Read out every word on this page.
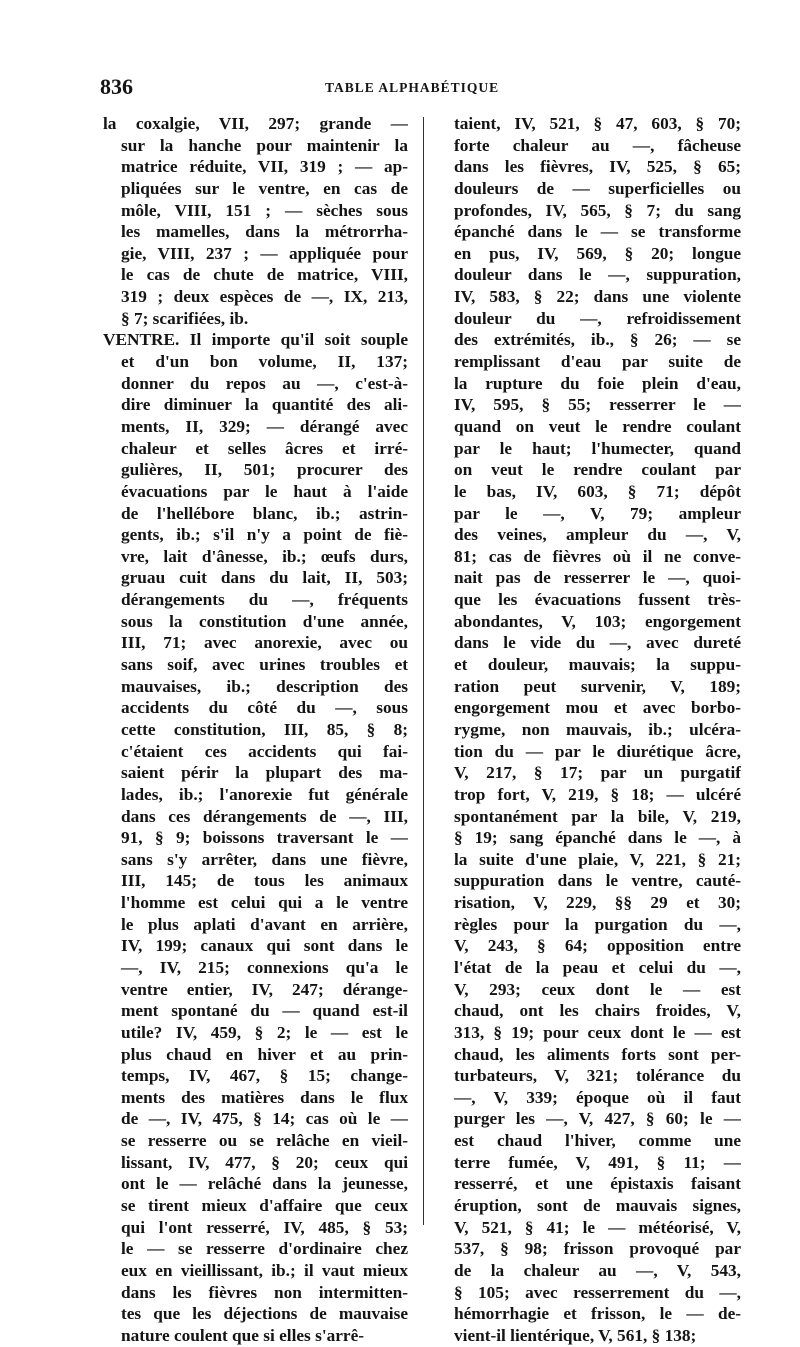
836	TABLE ALPHABÉTIQUE
la coxalgie, VII, 297; grande —
sur la hanche pour maintenir la
matrice réduite, VII, 319 ; — ap-
pliquées sur le ventre, en cas de
môle, VIII, 151 ; — sèches sous
les mamelles, dans la métrorrha-
gie, VIII, 237 ; — appliquée pour
le cas de chute de matrice, VIII,
319 ; deux espèces de —, IX, 213,
§ 7; scarifiées, ib.
VENTRE. Il importe qu'il soit souple
et d'un bon volume, II, 137;
donner du repos au —, c'est-à-
dire diminuer la quantité des ali-
ments, II, 329; — dérangé avec
chaleur et selles âcres et irré-
gulières, II, 501; procurer des
évacuations par le haut à l'aide
de l'hellébore blanc, ib.; astrin-
gents, ib.; s'il n'y a point de fiè-
vre, lait d'ânesse, ib.; œufs durs,
gruau cuit dans du lait, II, 503;
dérangements du —, fréquents
sous la constitution d'une année,
III, 71; avec anorexie, avec ou
sans soif, avec urines troubles et
mauvaises, ib.; description des
accidents du côté du —, sous
cette constitution, III, 85, § 8;
c'étaient ces accidents qui fai-
saient périr la plupart des ma-
lades, ib.; l'anorexie fut générale
dans ces dérangements de —, III,
91, § 9; boissons traversant le —
sans s'y arrêter, dans une fièvre,
III, 145; de tous les animaux
l'homme est celui qui a le ventre
le plus aplati d'avant en arrière,
IV, 199; canaux qui sont dans le
—, IV, 215; connexions qu'a le
ventre entier, IV, 247; dérange-
ment spontané du — quand est-il
utile? IV, 459, § 2; le — est le
plus chaud en hiver et au prin-
temps, IV, 467, § 15; change-
ments des matières dans le flux
de —, IV, 475, § 14; cas où le —
se resserre ou se relâche en vieil-
lissant, IV, 477, § 20; ceux qui
ont le — relâché dans la jeunesse,
se tirent mieux d'affaire que ceux
qui l'ont resserré, IV, 485, § 53;
le — se resserre d'ordinaire chez
eux en vieillissant, ib.; il vaut mieux
dans les fièvres non intermitten-
tes que les déjections de mauvaise
nature coulent que si elles s'arrê-
taient, IV, 521, § 47, 603, § 70;
forte chaleur au —, fâcheuse
dans les fièvres, IV, 525, § 65;
douleurs de — superficielles ou
profondes, IV, 565, § 7; du sang
épanché dans le — se transforme
en pus, IV, 569, § 20; longue
douleur dans le —, suppuration,
IV, 583, § 22; dans une violente
douleur du —, refroidissement
des extrémités, ib., § 26; — se
remplissant d'eau par suite de
la rupture du foie plein d'eau,
IV, 595, § 55; resserrer le —
quand on veut le rendre coulant
par le haut; l'humecter, quand
on veut le rendre coulant par
le bas, IV, 603, § 71; dépôt
par le —, V, 79; ampleur
des veines, ampleur du —, V,
81; cas de fièvres où il ne conve-
nait pas de resserrer le —, quoi-
que les évacuations fussent très-
abondantes, V, 103; engorgement
dans le vide du —, avec dureté
et douleur, mauvais; la suppu-
ration peut survenir, V, 189;
engorgement mou et avec borbo-
rygme, non mauvais, ib.; ulcéra-
tion du — par le diurétique âcre,
V, 217, § 17; par un purgatif
trop fort, V, 219, § 18; — ulcéré
spontanément par la bile, V, 219,
§ 19; sang épanché dans le —, à
la suite d'une plaie, V, 221, § 21;
suppuration dans le ventre, cauté-
risation, V, 229, §§ 29 et 30;
règles pour la purgation du —,
V, 243, § 64; opposition entre
l'état de la peau et celui du —,
V, 293; ceux dont le — est
chaud, ont les chairs froides, V,
313, § 19; pour ceux dont le — est
chaud, les aliments forts sont per-
turbateurs, V, 321; tolérance du
—, V, 339; époque où il faut
purger les —, V, 427, § 60; le —
est chaud l'hiver, comme une
terre fumée, V, 491, § 11; —
resserré, et une épistaxis faisant
éruption, sont de mauvais signes,
V, 521, § 41; le — météorisé, V,
537, § 98; frisson provoqué par
de la chaleur au —, V, 543,
§ 105; avec resserrement du —,
hémorrhagie et frisson, le — de-
vient-il lientérique, V, 561, § 138;
